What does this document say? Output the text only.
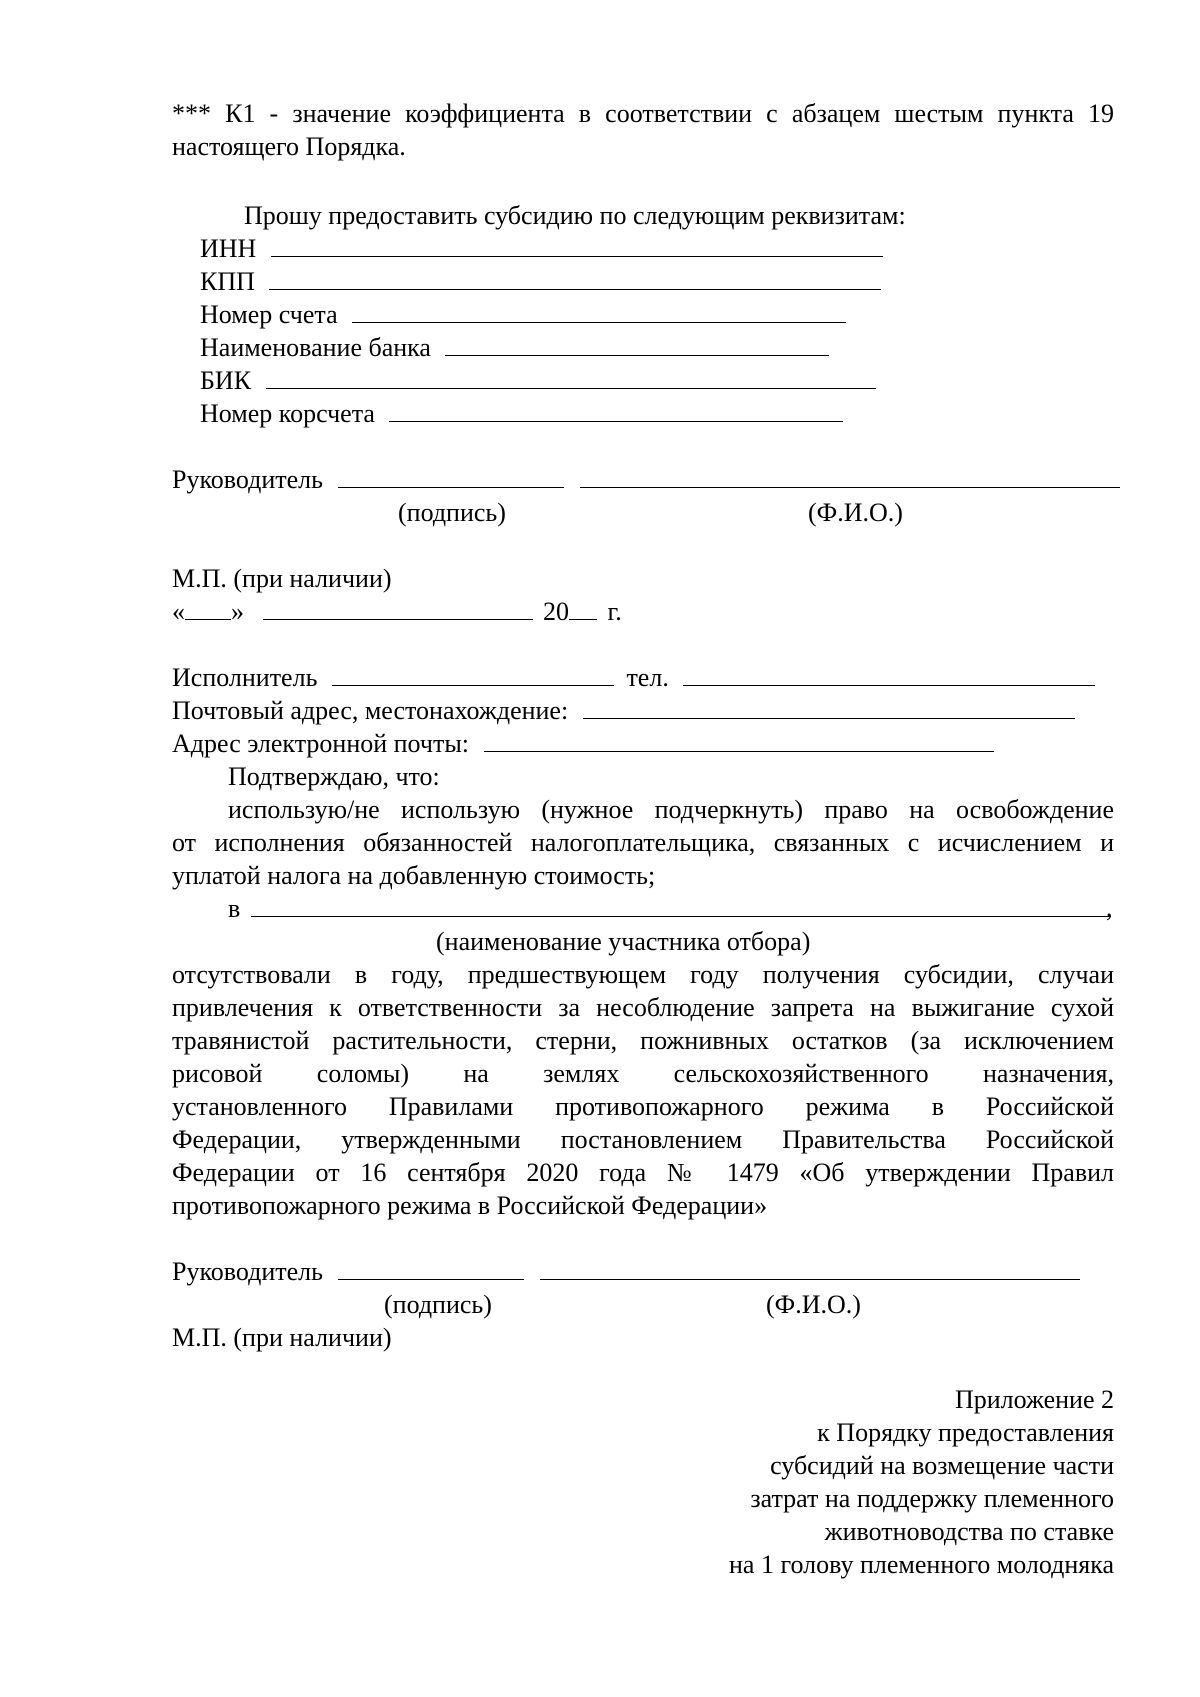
*** К1 - значение коэффициента в соответствии с абзацем шестым пункта 19
настоящего Порядка.
Прошу предоставить субсидию по следующим реквизитам:
ИНН
КПП
Номер счета
Наименование банка
БИК
Номер корсчета
Руководитель
(подпись)	(Ф.И.О.)
М.П. (при наличии)
« »	20 г.
Исполнитель	тел.
Почтовый адрес, местонахождение:
Адрес электронной почты:
Подтверждаю, что:
использую/не использую (нужное подчеркнуть) право на освобождение
от исполнения обязанностей налогоплательщика, связанных с исчислением и
уплатой налога на добавленную стоимость;
в	,
(наименование участника отбора)
отсутствовали в году, предшествующем году получения субсидии, случаи
привлечения к ответственности за несоблюдение запрета на выжигание сухой
травянистой растительности, стерни, пожнивных остатков (за исключением
рисовой соломы) на землях сельскохозяйственного назначения,
установленного Правилами противопожарного режима в Российской
Федерации, утвержденными постановлением Правительства Российской
Федерации от 16 сентября 2020 года № 1479 «Об утверждении Правил
противопожарного режима в Российской Федерации»
Руководитель
(подпись)	(Ф.И.О.)
М.П. (при наличии)
Приложение 2
к Порядку предоставления
субсидий на возмещение части
затрат на поддержку племенного
животноводства по ставке
на 1 голову племенного молодняка
